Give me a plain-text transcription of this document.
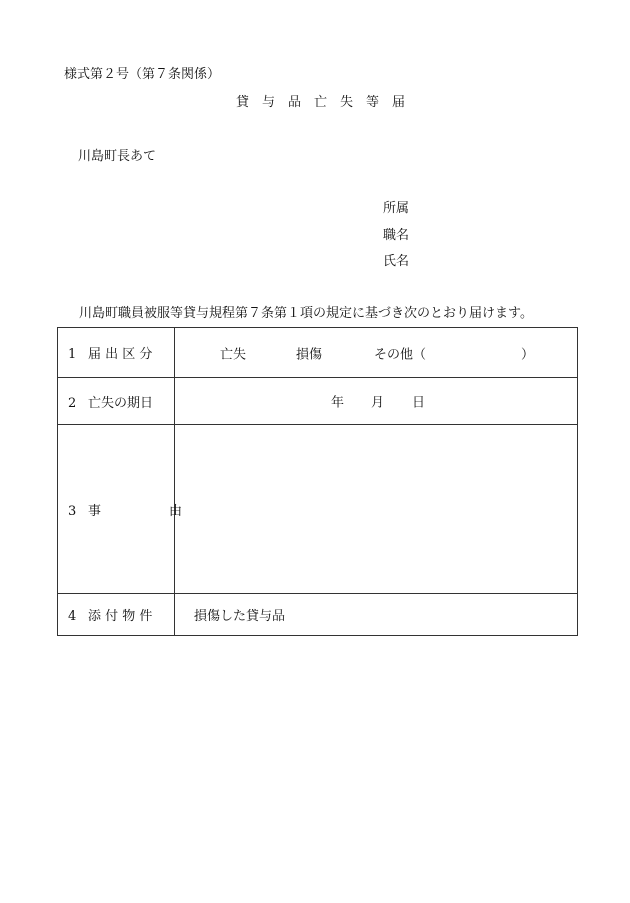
様式第２号（第７条関係）
貸　与　品　亡　失　等　届
川島町長あて
所属
職名
氏名
川島町職員被服等貸与規程第７条第１項の規定に基づき次のとおり届けます。
1 届 出 区 分	亡失 損傷 その他（ ）

2 亡失の期日	年 月 日

3 事 由	

4 添 付 物 件	損傷した貸与品
